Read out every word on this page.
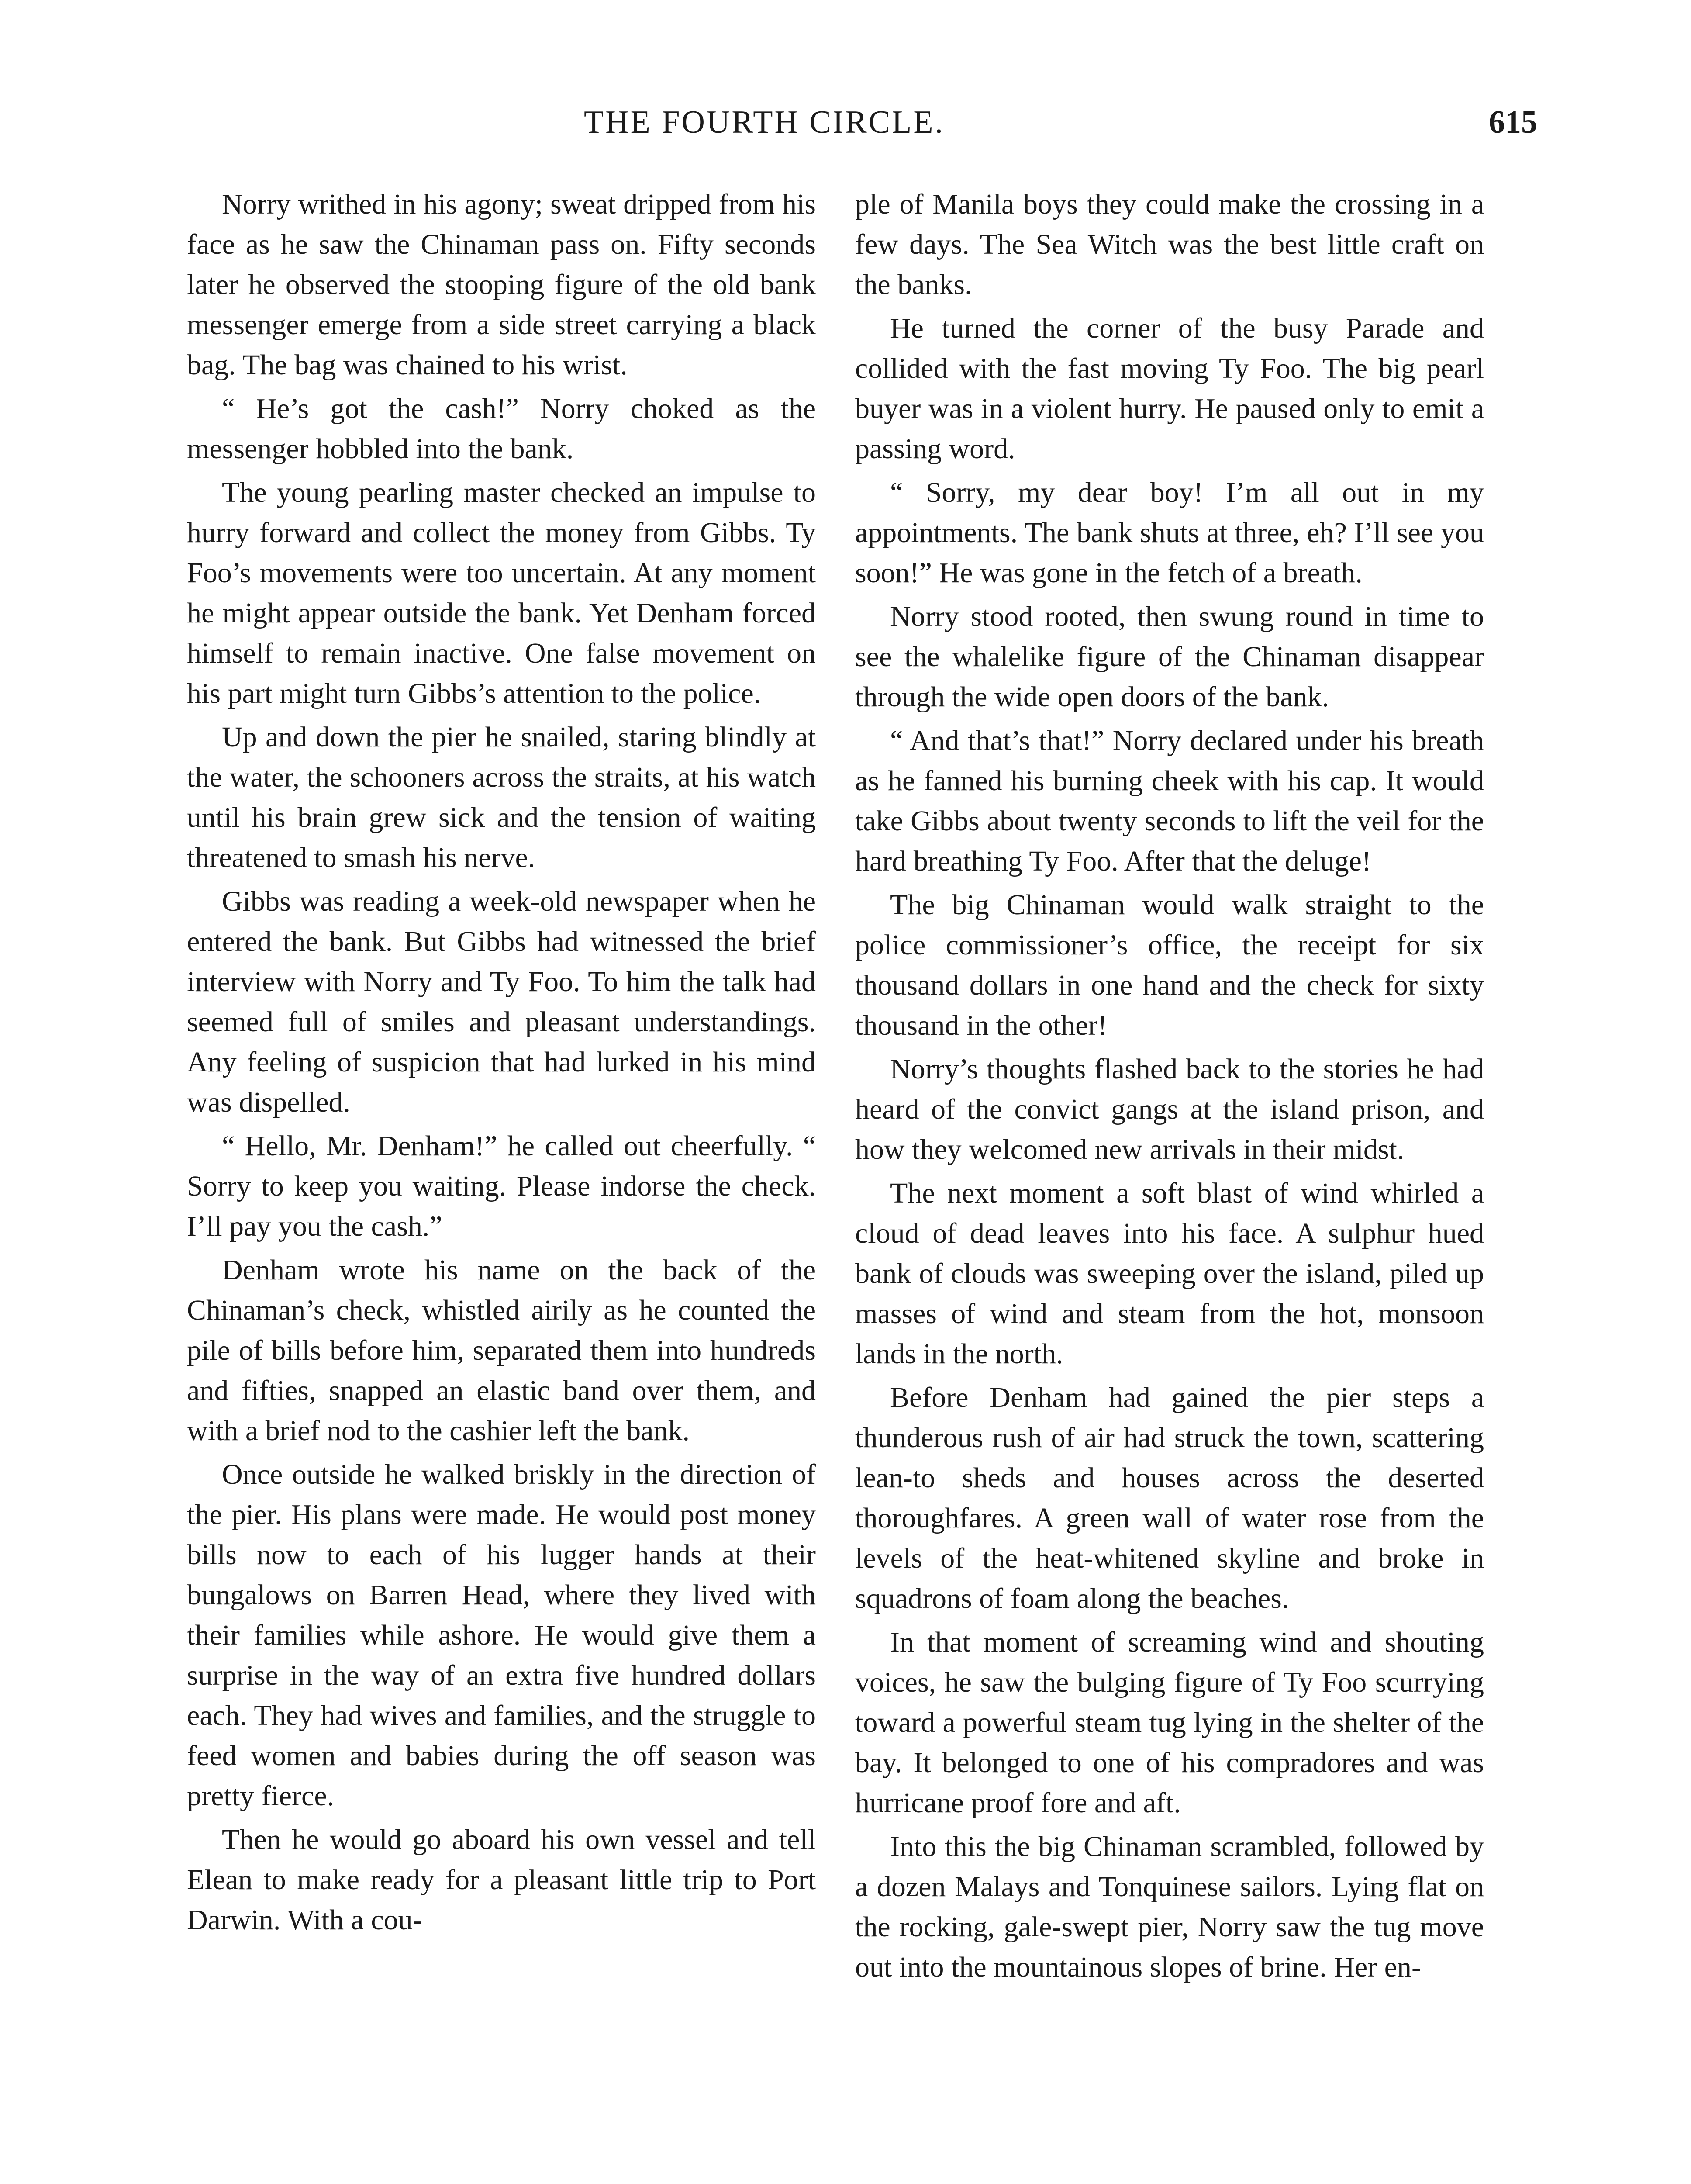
THE FOURTH CIRCLE.	615

Norry writhed in his agony; sweat dripped from his face as he saw the Chinaman pass on. Fifty seconds later he observed the stooping figure of the old bank messenger emerge from a side street carrying a black bag. The bag was chained to his wrist.

“ He’s got the cash!” Norry choked as the messenger hobbled into the bank.

The young pearling master checked an impulse to hurry forward and collect the money from Gibbs. Ty Foo’s movements were too uncertain. At any moment he might appear outside the bank. Yet Denham forced himself to remain inactive. One false movement on his part might turn Gibbs’s attention to the police.

Up and down the pier he snailed, staring blindly at the water, the schooners across the straits, at his watch until his brain grew sick and the tension of waiting threatened to smash his nerve.

Gibbs was reading a week-old newspaper when he entered the bank. But Gibbs had witnessed the brief interview with Norry and Ty Foo. To him the talk had seemed full of smiles and pleasant understandings. Any feeling of suspicion that had lurked in his mind was dispelled.

“ Hello, Mr. Denham!” he called out cheerfully. “ Sorry to keep you waiting. Please indorse the check. I’ll pay you the cash.”

Denham wrote his name on the back of the Chinaman’s check, whistled airily as he counted the pile of bills before him, separated them into hundreds and fifties, snapped an elastic band over them, and with a brief nod to the cashier left the bank.

Once outside he walked briskly in the direction of the pier. His plans were made. He would post money bills now to each of his lugger hands at their bungalows on Barren Head, where they lived with their families while ashore. He would give them a surprise in the way of an extra five hundred dollars each. They had wives and families, and the struggle to feed women and babies during the off season was pretty fierce.

Then he would go aboard his own vessel and tell Elean to make ready for a pleasant little trip to Port Darwin. With a cou-

ple of Manila boys they could make the crossing in a few days. The Sea Witch was the best little craft on the banks.

He turned the corner of the busy Parade and collided with the fast moving Ty Foo. The big pearl buyer was in a violent hurry. He paused only to emit a passing word.

“ Sorry, my dear boy! I’m all out in my appointments. The bank shuts at three, eh? I’ll see you soon!” He was gone in the fetch of a breath.

Norry stood rooted, then swung round in time to see the whalelike figure of the Chinaman disappear through the wide open doors of the bank.

“ And that’s that!” Norry declared under his breath as he fanned his burning cheek with his cap. It would take Gibbs about twenty seconds to lift the veil for the hard breathing Ty Foo. After that the deluge!

The big Chinaman would walk straight to the police commissioner’s office, the receipt for six thousand dollars in one hand and the check for sixty thousand in the other!

Norry’s thoughts flashed back to the stories he had heard of the convict gangs at the island prison, and how they welcomed new arrivals in their midst.

The next moment a soft blast of wind whirled a cloud of dead leaves into his face. A sulphur hued bank of clouds was sweeping over the island, piled up masses of wind and steam from the hot, monsoon lands in the north.

Before Denham had gained the pier steps a thunderous rush of air had struck the town, scattering lean-to sheds and houses across the deserted thoroughfares. A green wall of water rose from the levels of the heat-whitened skyline and broke in squadrons of foam along the beaches.

In that moment of screaming wind and shouting voices, he saw the bulging figure of Ty Foo scurrying toward a powerful steam tug lying in the shelter of the bay. It belonged to one of his compradores and was hurricane proof fore and aft.

Into this the big Chinaman scrambled, followed by a dozen Malays and Tonquinese sailors. Lying flat on the rocking, gale-swept pier, Norry saw the tug move out into the mountainous slopes of brine. Her en-
